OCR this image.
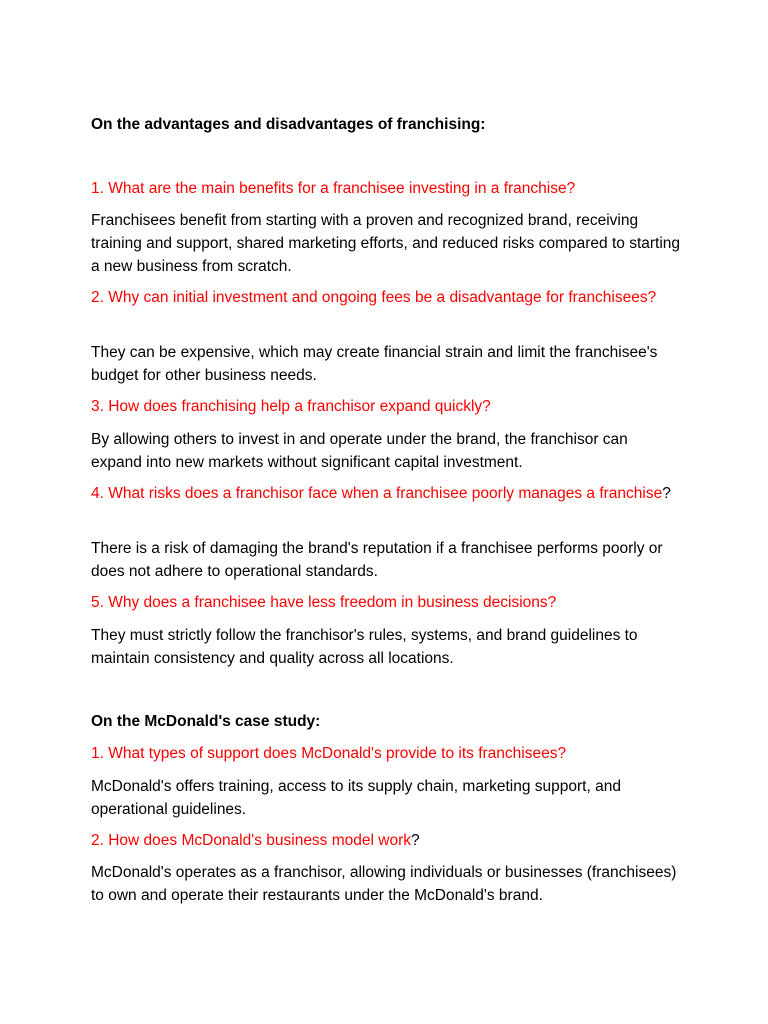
On the advantages and disadvantages of franchising:

1. What are the main benefits for a franchisee investing in a franchise?

Franchisees benefit from starting with a proven and recognized brand, receiving training and support, shared marketing efforts, and reduced risks compared to starting a new business from scratch.

2. Why can initial investment and ongoing fees be a disadvantage for franchisees?

They can be expensive, which may create financial strain and limit the franchisee's budget for other business needs.

3. How does franchising help a franchisor expand quickly?

By allowing others to invest in and operate under the brand, the franchisor can expand into new markets without significant capital investment.

4. What risks does a franchisor face when a franchisee poorly manages a franchise?

There is a risk of damaging the brand's reputation if a franchisee performs poorly or does not adhere to operational standards.

5. Why does a franchisee have less freedom in business decisions?

They must strictly follow the franchisor's rules, systems, and brand guidelines to maintain consistency and quality across all locations.

On the McDonald's case study:

1. What types of support does McDonald's provide to its franchisees?

McDonald's offers training, access to its supply chain, marketing support, and operational guidelines.

2. How does McDonald's business model work?

McDonald's operates as a franchisor, allowing individuals or businesses (franchisees) to own and operate their restaurants under the McDonald's brand.
